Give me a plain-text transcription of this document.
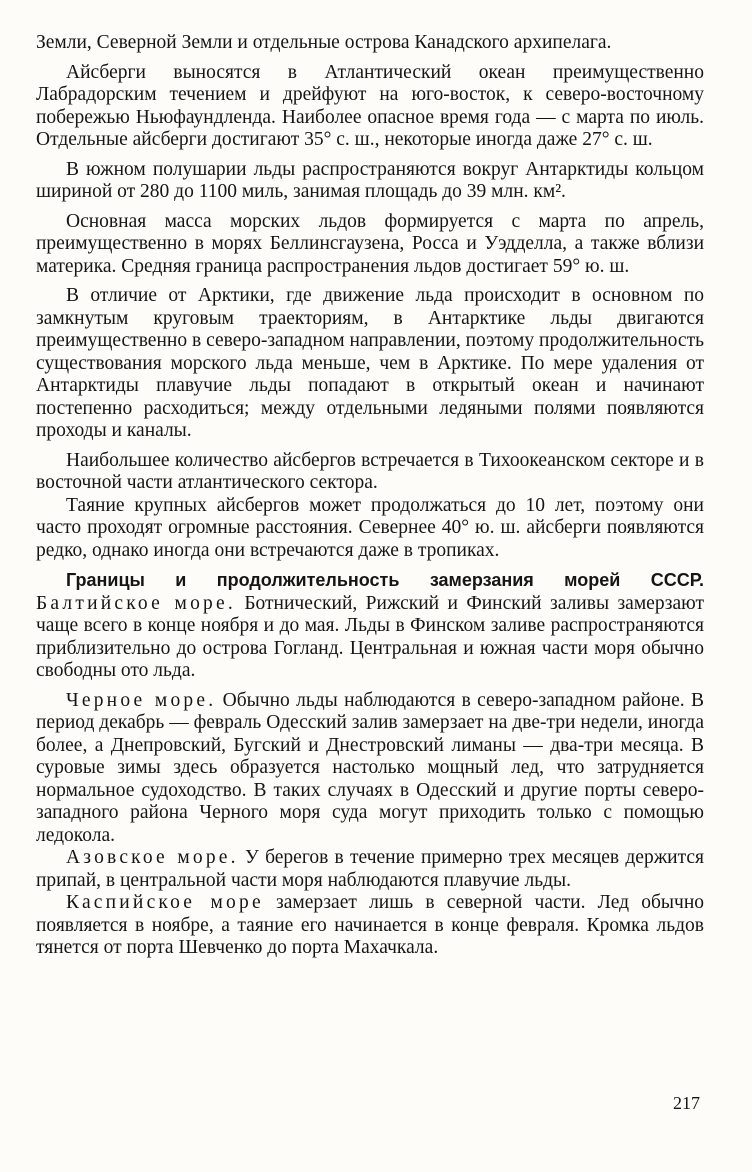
Земли, Северной Земли и отдельные острова Канадского архипелага.

Айсберги выносятся в Атлантический океан преимущественно Лабрадорским течением и дрейфуют на юго-восток, к северо-восточному побережью Ньюфаундленда. Наиболее опасное время года — с марта по июль. Отдельные айсберги достигают 35° с. ш., некоторые иногда даже 27° с. ш.

В южном полушарии льды распространяются вокруг Антарктиды кольцом шириной от 280 до 1100 миль, занимая площадь до 39 млн. км².

Основная масса морских льдов формируется с марта по апрель, преимущественно в морях Беллинсгаузена, Росса и Уэдделла, а также вблизи материка. Средняя граница распространения льдов достигает 59° ю. ш.

В отличие от Арктики, где движение льда происходит в основном по замкнутым круговым траекториям, в Антарктике льды двигаются преимущественно в северо-западном направлении, поэтому продолжительность существования морского льда меньше, чем в Арктике. По мере удаления от Антарктиды плавучие льды попадают в открытый океан и начинают постепенно расходиться; между отдельными ледяными полями появляются проходы и каналы.

Наибольшее количество айсбергов встречается в Тихоокеанском секторе и в восточной части атлантического сектора.

Таяние крупных айсбергов может продолжаться до 10 лет, поэтому они часто проходят огромные расстояния. Севернее 40° ю. ш. айсберги появляются редко, однако иногда они встречаются даже в тропиках.

Границы и продолжительность замерзания морей СССР. Балтийское море. Ботнический, Рижский и Финский заливы замерзают чаще всего в конце ноября и до мая. Льды в Финском заливе распространяются приблизительно до острова Гогланд. Центральная и южная части моря обычно свободны ото льда.

Черное море. Обычно льды наблюдаются в северо-западном районе. В период декабрь — февраль Одесский залив замерзает на две-три недели, иногда более, а Днепровский, Бугский и Днестровский лиманы — два-три месяца. В суровые зимы здесь образуется настолько мощный лед, что затрудняется нормальное судоходство. В таких случаях в Одесский и другие порты северо-западного района Черного моря суда могут приходить только с помощью ледокола.

Азовское море. У берегов в течение примерно трех месяцев держится припай, в центральной части моря наблюдаются плавучие льды.

Каспийское море замерзает лишь в северной части. Лед обычно появляется в ноябре, а таяние его начинается в конце февраля. Кромка льдов тянется от порта Шевченко до порта Махачкала.

217
